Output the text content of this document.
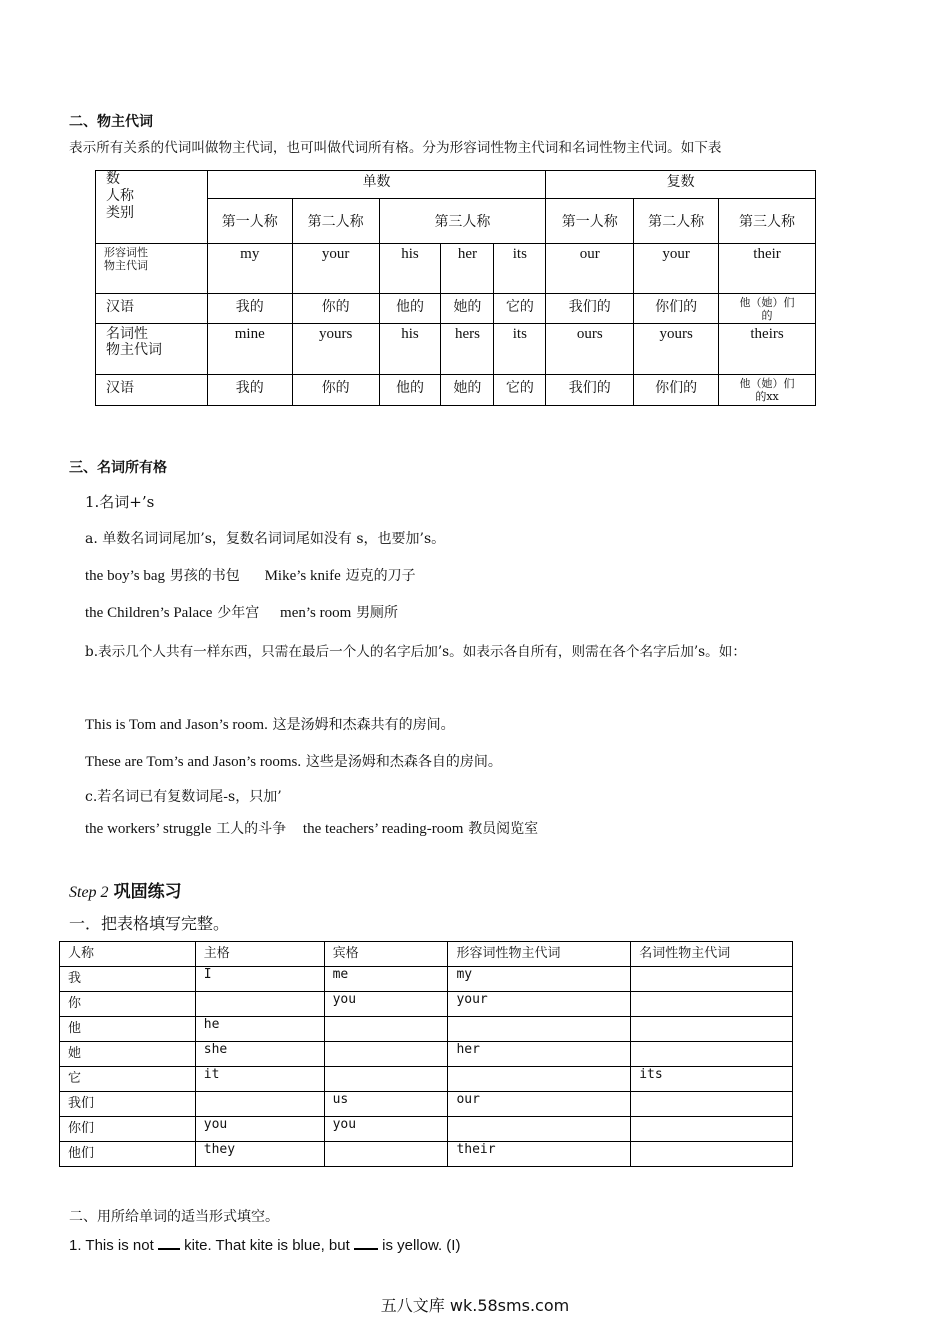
二、物主代词
表示所有关系的代词叫做物主代词，也可叫做代词所有格。分为形容词性物主代词和名词性物主代词。如下表
数
人称
类别	单数					复数		
	第一人称	第二人称	第三人称			第一人称	第二人称	第三人称

形容词性
物主代词	my	your	his	her	its	our	your	their
汉语	我的	你的	他的	她的	它的	我们的	你们的	他（她）们
的

名词性
物主代词	mine	yours	his	hers	its	ours	yours	theirs
汉语	我的	你的	他的	她的	它的	我们的	你们的	他（她）们
的xx
三、名词所有格
1.名词+’s
a. 单数名词词尾加’s，复数名词词尾如没有 s，也要加’s。
the boy’s bag 男孩的书包 Mike’s knife 迈克的刀子
the Children’s Palace 少年宫 men’s room 男厕所
b.表示几个人共有一样东西，只需在最后一个人的名字后加’s。如表示各自所有，则需在各个名字后加’s。如：
This is Tom and Jason’s room. 这是汤姆和杰森共有的房间。
These are Tom’s and Jason’s rooms. 这些是汤姆和杰森各自的房间。
c.若名词已有复数词尾-s，只加’
the workers’ struggle 工人的斗争 the teachers’ reading-room 教员阅览室
Step 2 巩固练习
一．把表格填写完整。
人称	主格	宾格	形容词性物主代词	名词性物主代词
我	I	me	my	
你		you	your	
他	he			
她	she		her	
它	it			its
我们		us	our	
你们	you	you		
他们	they		their	
二、用所给单词的适当形式填空。
1. This is not kite. That kite is blue, but is yellow. (I)
五八文库 wk.58sms.com
